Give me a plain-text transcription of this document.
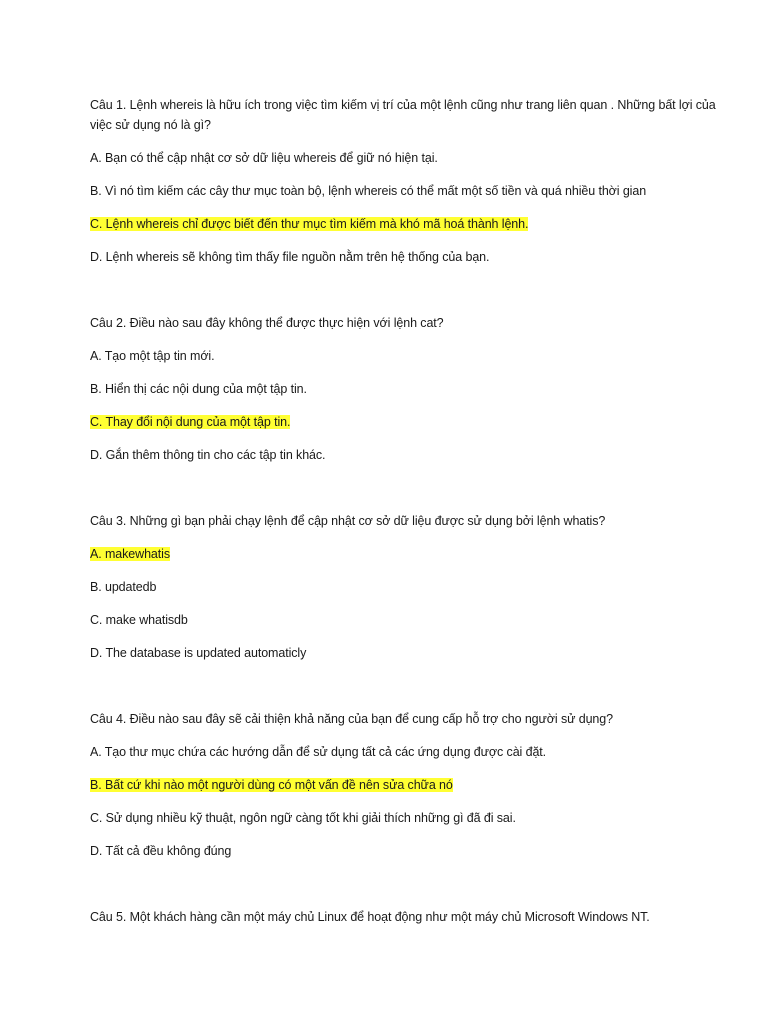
Câu 1. Lệnh whereis là hữu ích trong việc tìm kiếm vị trí của một lệnh cũng như trang liên quan . Những bất lợi của việc sử dụng nó là gì?

A. Bạn có thể cập nhật cơ sở dữ liệu whereis để giữ nó hiện tại.

B. Vì nó tìm kiếm các cây thư mục toàn bộ, lệnh whereis có thể mất một số tiền và quá nhiều thời gian

C. Lệnh whereis chỉ được biết đến thư mục tìm kiếm mà khó mã hoá thành lệnh.

D. Lệnh whereis sẽ không tìm thấy file nguồn nằm trên hệ thống của bạn.

Câu 2. Điều nào sau đây không thể được thực hiện với lệnh cat?

A. Tạo một tập tin mới.

B. Hiển thị các nội dung của một tập tin.

C. Thay đổi nội dung của một tập tin.

D. Gắn thêm thông tin cho các tập tin khác.

Câu 3. Những gì bạn phải chạy lệnh để cập nhật cơ sở dữ liệu được sử dụng bởi lệnh whatis?

A. makewhatis

B. updatedb

C. make whatisdb

D. The database is updated automaticly

Câu 4. Điều nào sau đây sẽ cải thiện khả năng của bạn để cung cấp hỗ trợ cho người sử dụng?

A. Tạo thư mục chứa các hướng dẫn để sử dụng tất cả các ứng dụng được cài đặt.

B. Bất cứ khi nào một người dùng có một vấn đề nên sửa chữa nó

C. Sử dụng nhiều kỹ thuật, ngôn ngữ càng tốt khi giải thích những gì đã đi sai.

D. Tất cả đều không đúng

Câu 5. Một khách hàng cần một máy chủ Linux để hoạt động như một máy chủ Microsoft Windows NT.
